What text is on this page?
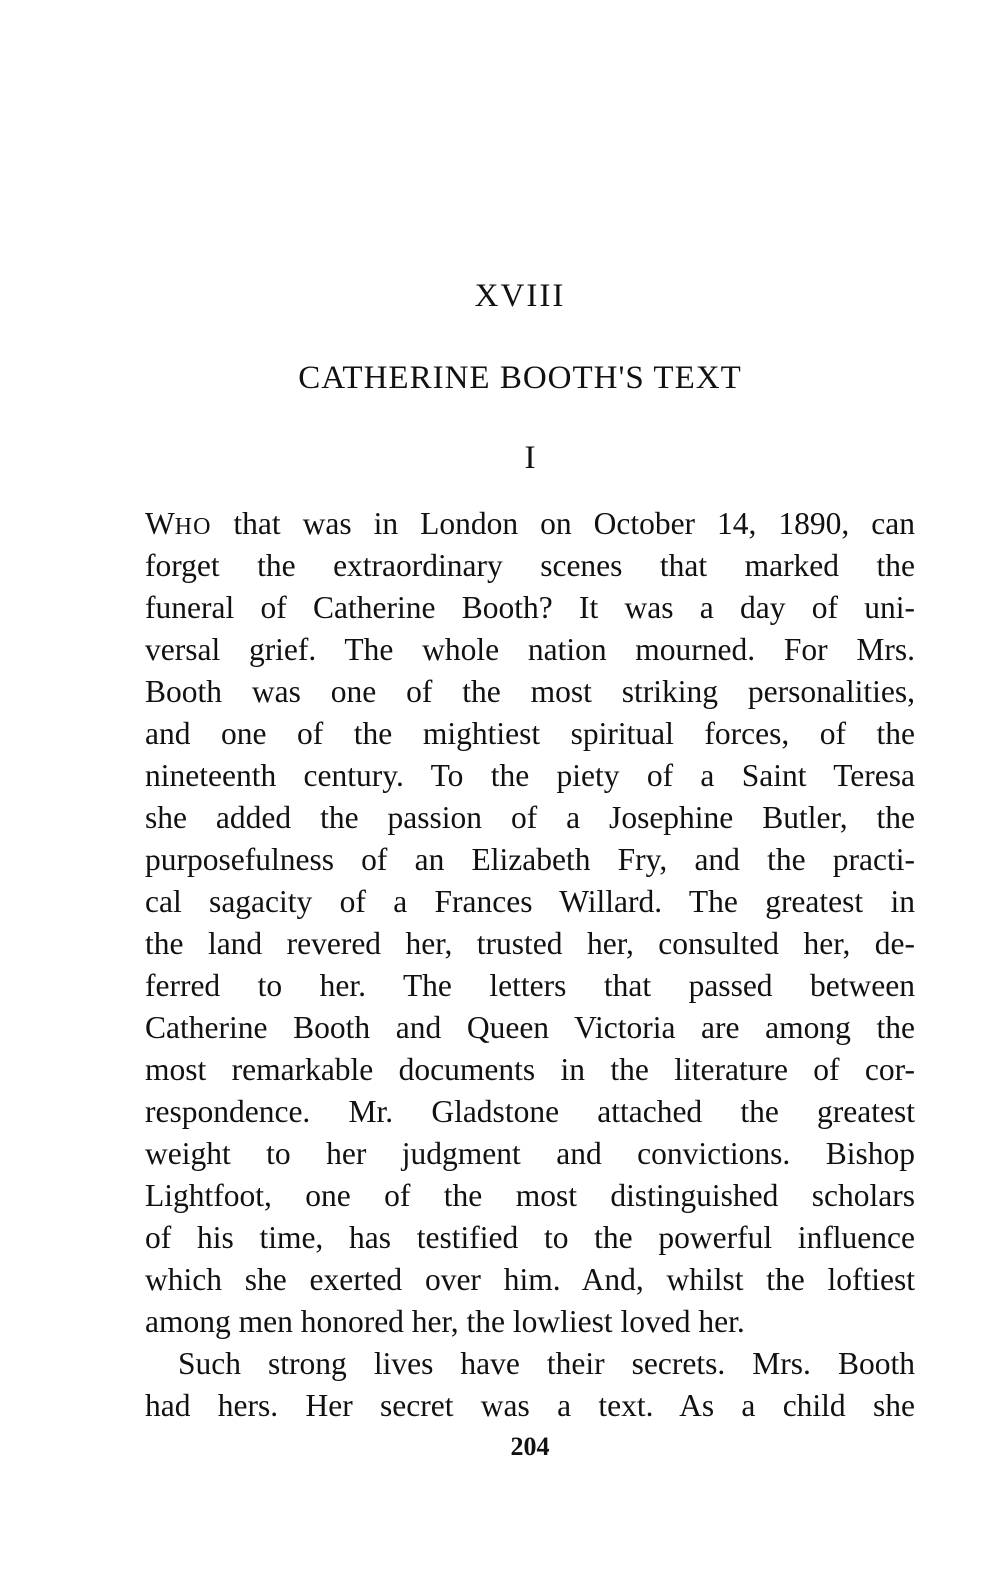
XVIII
CATHERINE BOOTH'S TEXT
I
WHO that was in London on October 14, 1890, can
forget the extraordinary scenes that marked the
funeral of Catherine Booth? It was a day of uni-
versal grief. The whole nation mourned. For Mrs.
Booth was one of the most striking personalities,
and one of the mightiest spiritual forces, of the
nineteenth century. To the piety of a Saint Teresa
she added the passion of a Josephine Butler, the
purposefulness of an Elizabeth Fry, and the practi-
cal sagacity of a Frances Willard. The greatest in
the land revered her, trusted her, consulted her, de-
ferred to her. The letters that passed between
Catherine Booth and Queen Victoria are among the
most remarkable documents in the literature of cor-
respondence. Mr. Gladstone attached the greatest
weight to her judgment and convictions. Bishop
Lightfoot, one of the most distinguished scholars
of his time, has testified to the powerful influence
which she exerted over him. And, whilst the loftiest
among men honored her, the lowliest loved her.
Such strong lives have their secrets. Mrs. Booth
had hers. Her secret was a text. As a child she
204
